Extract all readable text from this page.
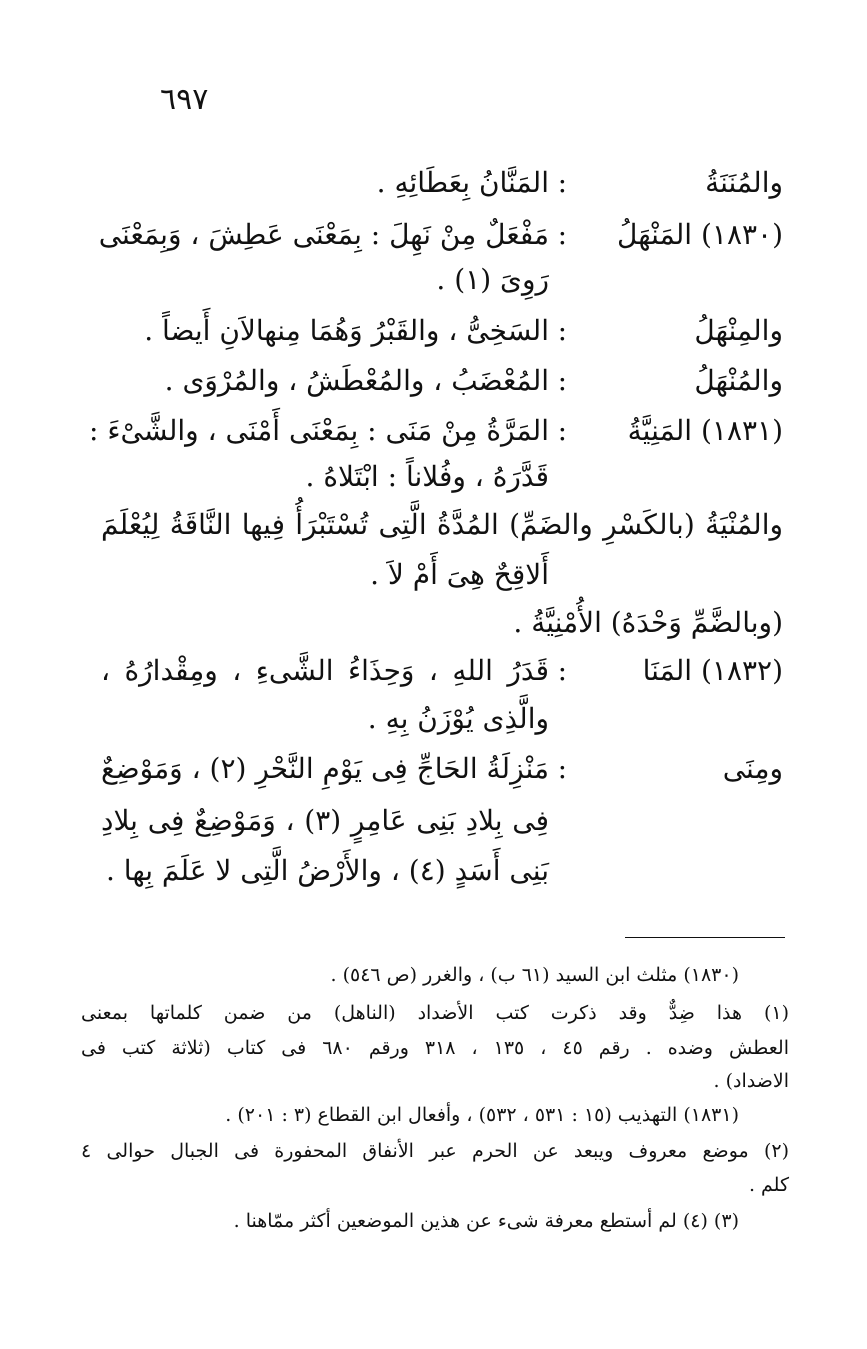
٦٩٧
والمُنَنَةُ
:
المَنَّانُ بِعَطَائِهِ .
(١٨٣٠) المَنْهَلُ
:
مَفْعَلٌ مِنْ نَهِلَ : بِمَعْنَى عَطِشَ ، وَبِمَعْنَى
رَوِىَ (١) .
والمِنْهَلُ
:
السَخِىُّ ، والقَبْرُ وَهُمَا مِنهالاَنِ أَيضاً .
والمُنْهَلُ
:
المُعْضَبُ ، والمُعْطَشُ ، والمُرْوَى .
(١٨٣١) المَنِيَّةُ
:
المَرَّةُ مِنْ مَنَى : بِمَعْنَى أَمْنَى ، والشَّىْءَ :
قَدَّرَهُ ، وفُلاناً : ابْتَلاهُ .
والمُنْيَةُ (بالكَسْرِ والضَمِّ) المُدَّةُ الَّتِى تُسْتَبْرَأُ فِيها النَّاقَةُ لِيُعْلَمَ
أَلاقِحٌ هِىَ أَمْ لاَ .
(وبالضَّمِّ وَحْدَهُ) الأُمْنِيَّةُ .
(١٨٣٢) المَنَا
:
قَدَرُ اللهِ ، وَحِذَاءُ الشَّىءِ ، ومِقْدارُهُ ،
والَّذِى يُوْزَنُ بِهِ .
ومِنَى
:
مَنْزِلَةُ الحَاجِّ فِى يَوْمِ النَّحْرِ (٢) ، وَمَوْضِعٌ
فِى بِلادِ بَنِى عَامِرٍ (٣) ، وَمَوْضِعٌ فِى بِلادِ
بَنِى أَسَدٍ (٤) ، والأَرْضُ الَّتِى لا عَلَمَ بِها .
(١٨٣٠) مثلث ابن السيد (٦١ ب) ، والغرر (ص ٥٤٦) .
(١) هذا ضِدٌّ وقد ذكرت كتب الأضداد (الناهل) من ضمن كلماتها بمعنى
العطش وضده . رقم ٤٥ ، ١٣٥ ، ٣١٨ ورقم ٦٨٠ فى كتاب (ثلاثة كتب فى
الاضداد) .
(١٨٣١) التهذيب (١٥ : ٥٣١ ، ٥٣٢) ، وأفعال ابن القطاع (٣ : ٢٠١) .
(٢) موضع معروف ويبعد عن الحرم عبر الأنفاق المحفورة فى الجبال حوالى ٤
كلم .
(٣) (٤) لم أستطع معرفة شىء عن هذين الموضعين أكثر ممّاهنا .
